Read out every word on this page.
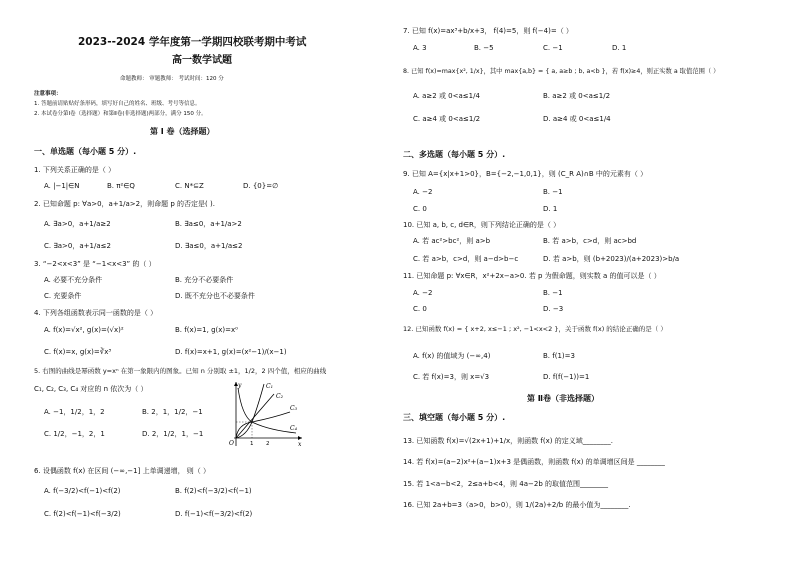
2023--2024 学年度第一学期四校联考期中考试
高一数学试题
命题教师： 审题教师： 考试时间：120 分
注意事项：
1. 答题前请贴贴好条形码，填写好自己的姓名、班级、考号等信息。
2. 本试卷分第Ⅰ卷（选择题）和第Ⅱ卷(非选择题)两部分，满分 150 分。
第 Ⅰ 卷（选择题）
一、单选题（每小题 5 分）.
1. 下列关系正确的是（ ）
A. |−1|∈N	B. π²∈Q	C. N*⊆Z	D. {0}=∅
2. 已知命题 p: ∀a>0，a+1/a>2，则命题 p 的否定是( ).
A. ∃a>0，a+1/a≥2	B. ∃a≤0，a+1/a>2
C. ∃a>0，a+1/a≤2	D. ∃a≤0，a+1/a≤2
3. “−2<x<3” 是 “−1<x<3” 的（ ）
A. 必要不充分条件	B. 充分不必要条件
C. 充要条件	D. 既不充分也不必要条件
4. 下列各组函数表示同一函数的是（ ）
A. f(x)=√x², g(x)=(√x)²	B. f(x)=1, g(x)=x⁰
C. f(x)=x, g(x)=∛x³	D. f(x)=x+1, g(x)=(x²−1)/(x−1)
5. 右图的曲线是幂函数 y=xⁿ 在第一象限内的图象。已知 n 分别取 ±1，1/2，2 四个值，相应的曲线
C₁, C₂, C₃, C₄ 对应的 n 依次为（ ）
A. −1，1/2，1，2	B. 2，1，1/2，−1
C. 1/2，−1，2，1	D. 2，1/2，1，−1
y
x
O	1 2
C₁
C₂
C₃
C₄
6. 设偶函数 f(x) 在区间 (−∞,−1] 上单调递增， 则（ ）
A. f(−3/2)<f(−1)<f(2)	B. f(2)<f(−3/2)<f(−1)
C. f(2)<f(−1)<f(−3/2)	D. f(−1)<f(−3/2)<f(2)
7. 已知 f(x)=ax³+b/x+3， f(4)=5，则 f(−4)=（ ）
A. 3	B. −5	C. −1	D. 1
8. 已知 f(x)=max{x², 1/x}，其中 max{a,b} = { a, a≥b ; b, a<b }，若 f(x)≥4，则正实数 a 取值范围（ ）
A. a≥2 或 0<a≤1/4	B. a≥2 或 0<a≤1/2
C. a≥4 或 0<a≤1/2	D. a≥4 或 0<a≤1/4
二、多选题（每小题 5 分）.
9. 已知 A={x|x+1>0}，B={−2,−1,0,1}，则 (C_R A)∩B 中的元素有（ ）
A. −2	B. −1
C. 0	D. 1
10. 已知 a, b, c, d∈R，则下列结论正确的是（ ）
A. 若 ac²>bc²，则 a>b	B. 若 a>b，c>d，则 ac>bd
C. 若 a>b，c>d，则 a−d>b−c	D. 若 a>b，则 (b+2023)/(a+2023)>b/a
11. 已知命题 p: ∀x∈R，x²+2x−a>0. 若 p 为假命题，则实数 a 的值可以是（ ）
A. −2	B. −1
C. 0	D. −3
12. 已知函数 f(x) = { x+2, x≤−1 ; x², −1<x<2 }，关于函数 f(x) 的结论正确的是（ ）
A. f(x) 的值域为 (−∞,4)	B. f(1)=3
C. 若 f(x)=3，则 x=√3	D. f(f(−1))=1
第 Ⅱ卷（非选择题）
三、填空题（每小题 5 分）.
13. 已知函数 f(x)=√(2x+1)+1/x，则函数 f(x) 的定义域________.
14. 若 f(x)=(a−2)x²+(a−1)x+3 是偶函数，则函数 f(x) 的单调增区间是 ________
15. 若 1<a−b<2，2≤a+b<4，则 4a−2b 的取值范围________
16. 已知 2a+b=3（a>0，b>0），则 1/(2a)+2/b 的最小值为________.
